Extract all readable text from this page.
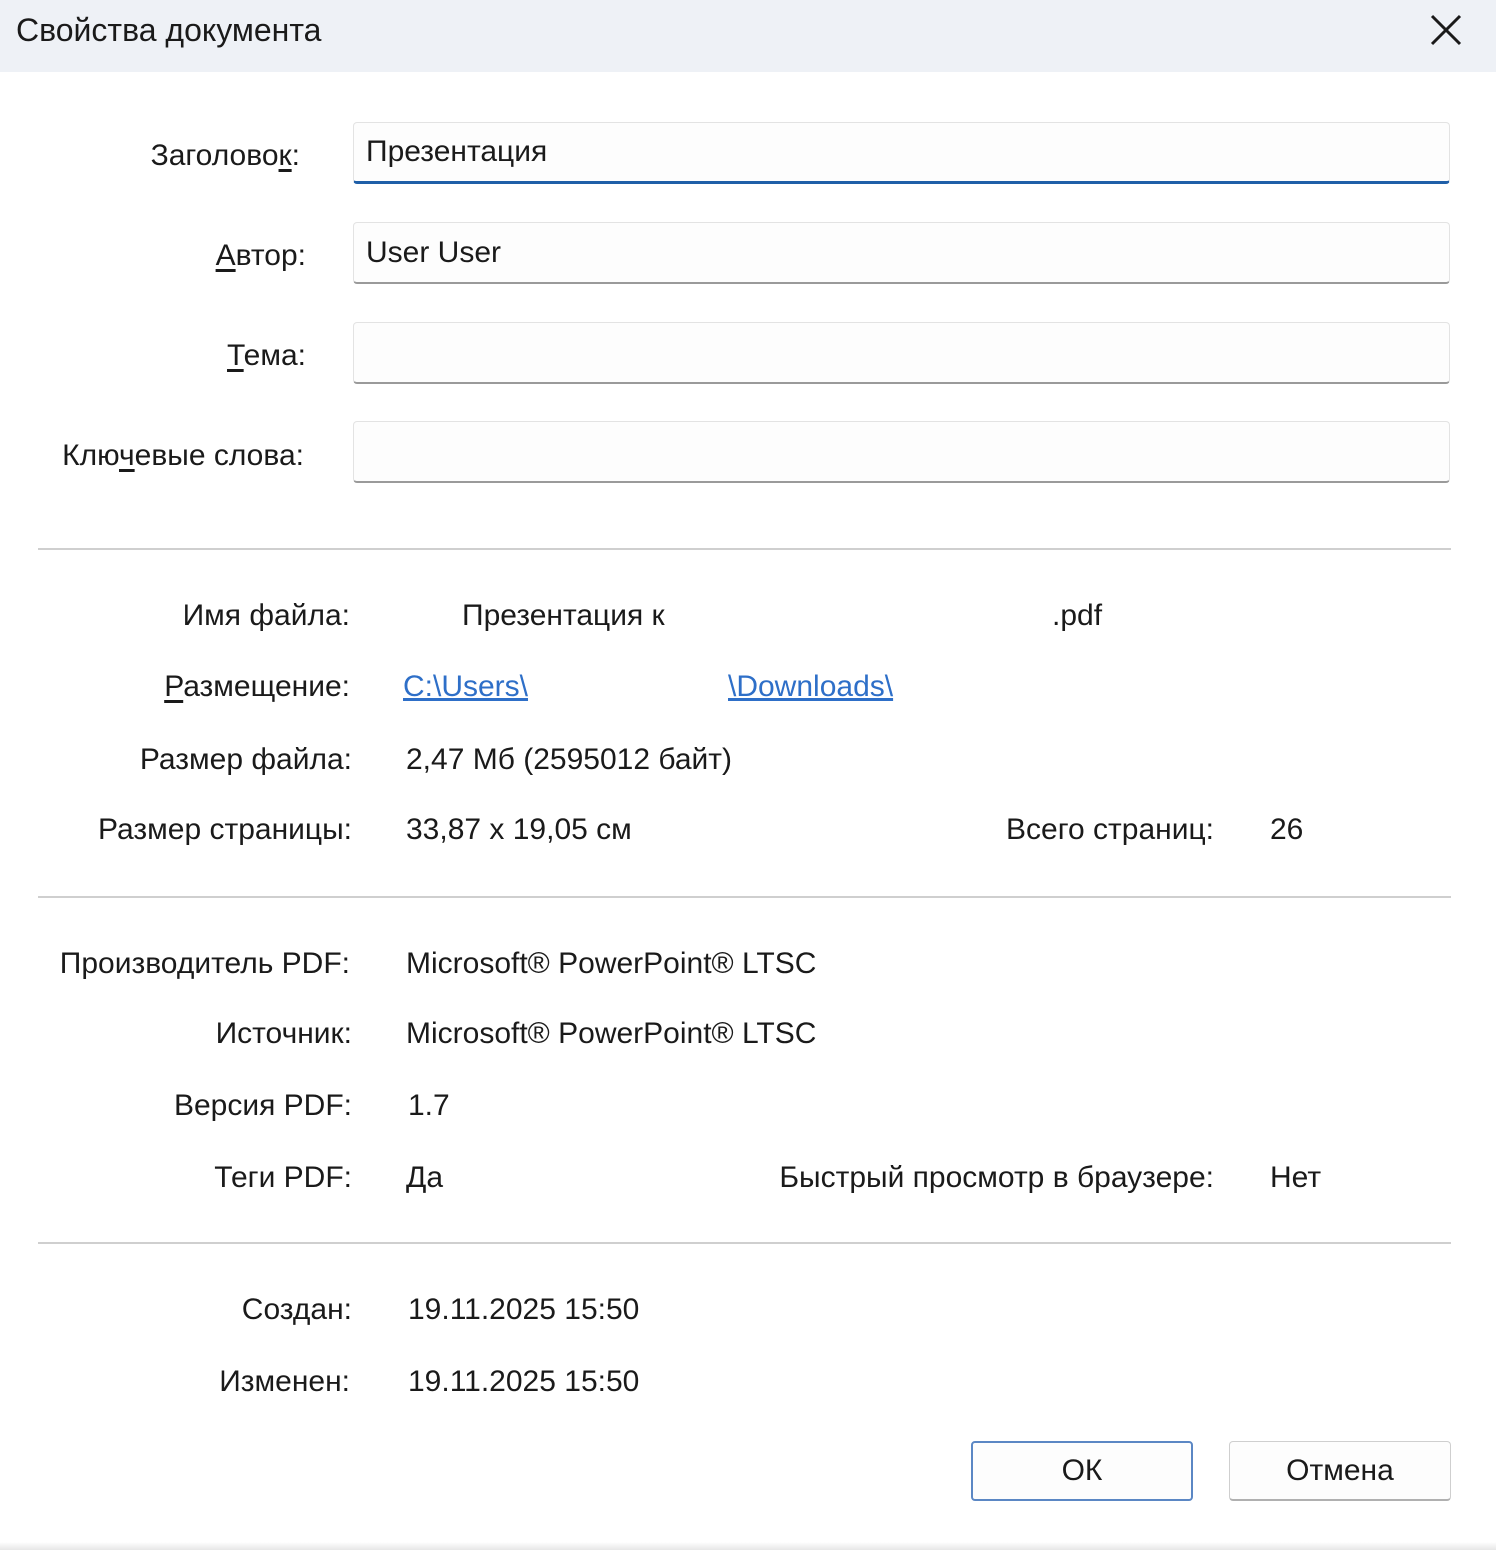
Свойства документа
Заголовок:
Презентация
Автор:
User User
Тема:
Ключевые слова:
Имя файла:	Презентация к	.pdf
Размещение: C:\Users\	\Downloads\
Размер файла: 2,47 Мб (2595012 байт)
Размер страницы: 33,87 x 19,05 см	Всего страниц: 26
Производитель PDF: Microsoft® PowerPoint® LTSC
Источник: Microsoft® PowerPoint® LTSC
Версия PDF: 1.7
Теги PDF: Да	Быстрый просмотр в браузере: Нет
Создан: 19.11.2025 15:50
Изменен: 19.11.2025 15:50
ОК	Отмена
